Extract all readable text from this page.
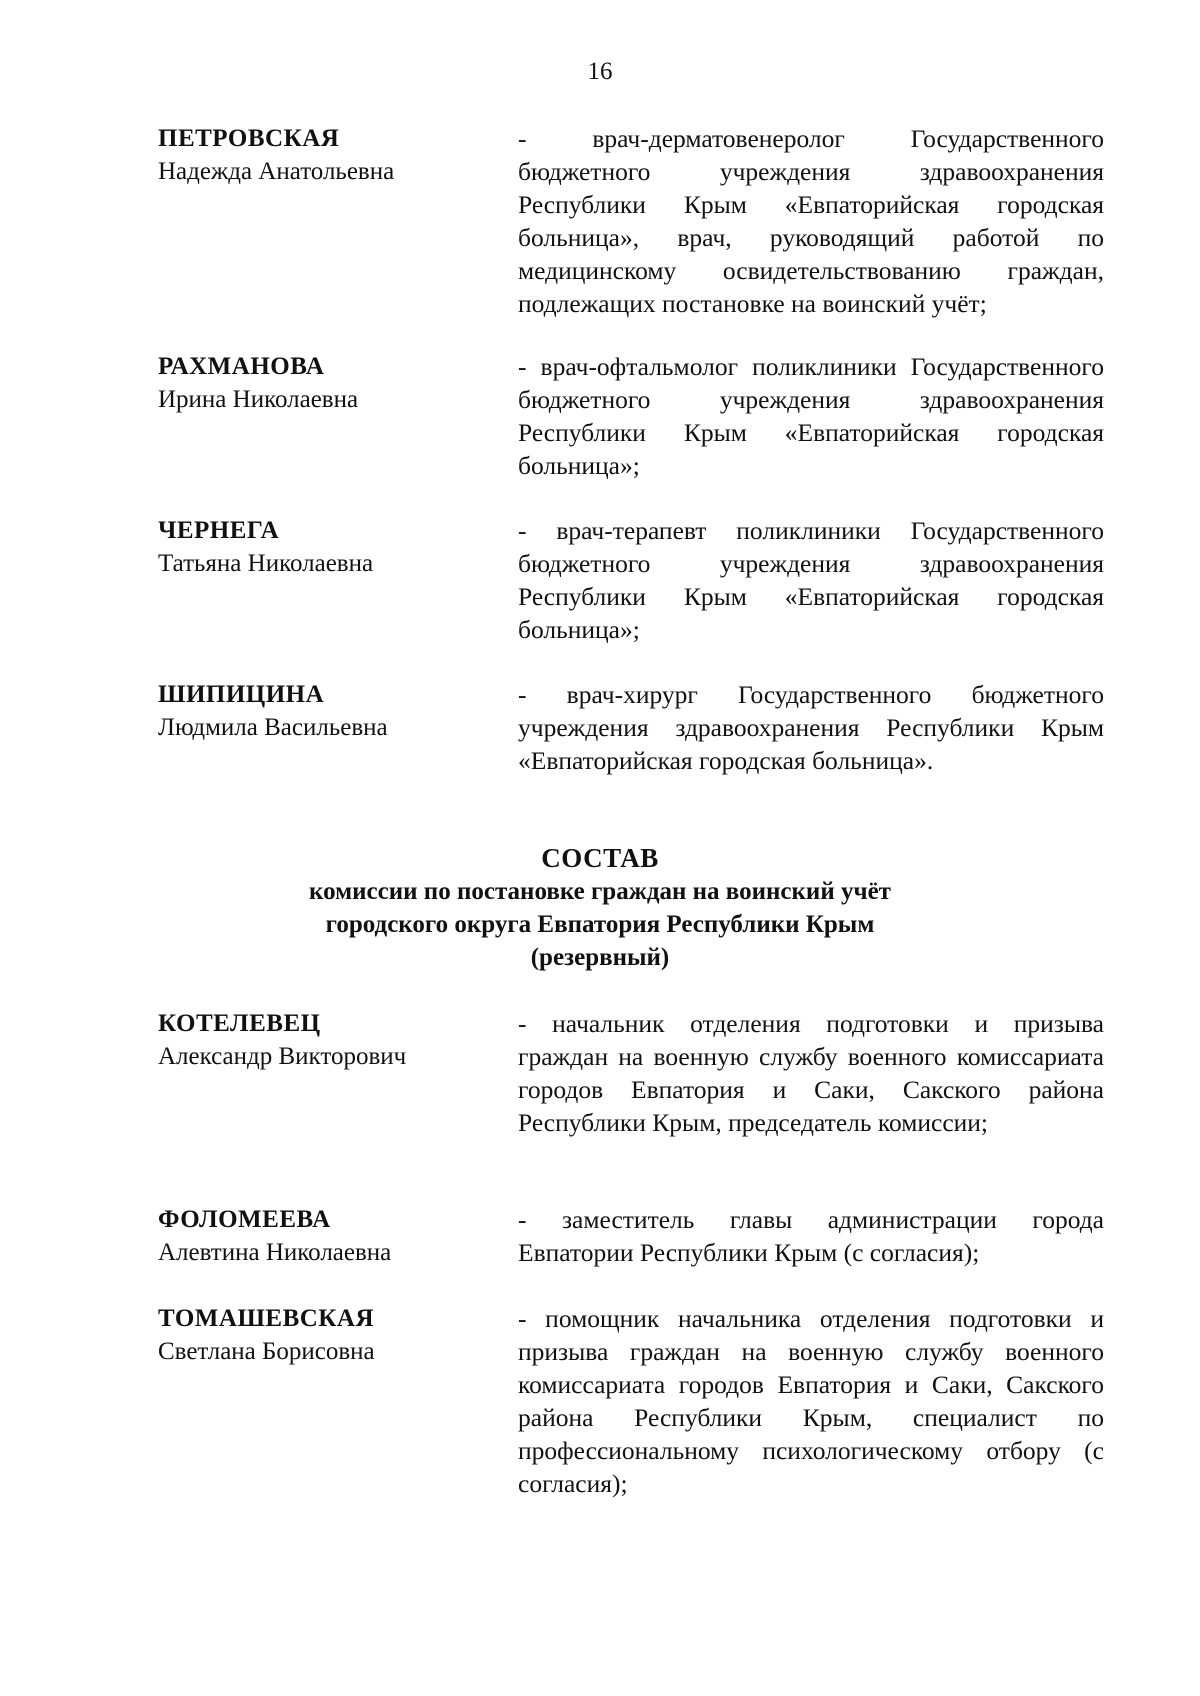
16
ПЕТРОВСКАЯ
Надежда Анатольевна
- врач-дерматовенеролог Государственного бюджетного учреждения здравоохранения Республики Крым «Евпаторийская городская больница», врач, руководящий работой по медицинскому освидетельствованию граждан, подлежащих постановке на воинский учёт;
РАХМАНОВА
Ирина Николаевна
- врач-офтальмолог поликлиники Государственного бюджетного учреждения здравоохранения Республики Крым «Евпаторийская городская больница»;
ЧЕРНЕГА
Татьяна Николаевна
- врач-терапевт поликлиники Государственного бюджетного учреждения здравоохранения Республики Крым «Евпаторийская городская больница»;
ШИПИЦИНА
Людмила Васильевна
- врач-хирург Государственного бюджетного учреждения здравоохранения Республики Крым «Евпаторийская городская больница».
СОСТАВ
комиссии по постановке граждан на воинский учёт
городского округа Евпатория Республики Крым
(резервный)
КОТЕЛЕВЕЦ
Александр Викторович
- начальник отделения подготовки и призыва граждан на военную службу военного комиссариата городов Евпатория и Саки, Сакского района Республики Крым, председатель комиссии;
ФОЛОМЕЕВА
Алевтина Николаевна
- заместитель главы администрации города Евпатории Республики Крым (с согласия);
ТОМАШЕВСКАЯ
Светлана Борисовна
- помощник начальника отделения подготовки и призыва граждан на военную службу военного комиссариата городов Евпатория и Саки, Сакского района Республики Крым, специалист по профессиональному психологическому отбору (с согласия);
